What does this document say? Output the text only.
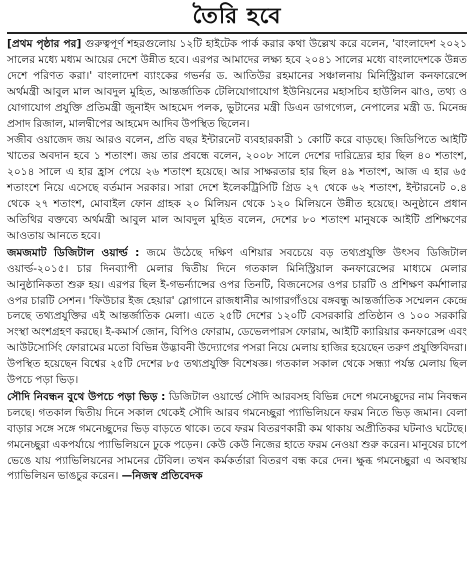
তৈরি হবে

[প্রথম পৃষ্ঠার পর] গুরুত্বপূর্ণ শহরগুলোয় ১২টি হাইটেক পার্ক করার কথা উল্লেখ করে বলেন, 'বাংলাদেশ ২০২১ সালের মধ্যে মধ্যম আয়ের দেশে উন্নীত হবে। এরপর আমাদের লক্ষ্য হবে ২০৪১ সালের মধ্যে বাংলাদেশকে উন্নত দেশে পরিণত করা।' বাংলাদেশ ব্যাংকের গভর্নর ড. আতিউর রহমানের সঞ্চালনায় মিনিস্ট্রিয়াল কনফারেন্সে অর্থমন্ত্রী আবুল মাল আবদুল মুহিত, আন্তর্জাতিক টেলিযোগাযোগ ইউনিয়নের মহাসচিব হাউলিন ঝাও, তথ্য ও যোগাযোগ প্রযুক্তি প্রতিমন্ত্রী জুনাইদ আহমেদ পলক, ভুটানের মন্ত্রী ডিএন ডাগগ্যেল, নেপালের মন্ত্রী ড. মিনেন্দ্র প্রসাদ রিজাল, মালদ্বীপের আহমেদ আদিব উপস্থিত ছিলেন।

সজীব ওয়াজেদ জয় আরও বলেন, প্রতি বছর ইন্টারনেট ব্যবহারকারী ১ কোটি করে বাড়ছে। জিডিপিতে আইটি খাতের অবদান হবে ১ শতাংশ। জয় তার প্রবন্ধে বলেন, ২০০৮ সালে দেশের দারিদ্র্যের হার ছিল ৪০ শতাংশ, ২০১৪ সালে এ হার হ্রাস পেয়ে ২৬ শতাংশ হয়েছে। আর সাক্ষরতার হার ছিল ৪৯ শতাংশ, আজ এ হার ৬৫ শতাংশে নিয়ে এসেছে বর্তমান সরকার। সারা দেশে ইলেকট্রিসিটি গ্রিড ২৭ থেকে ৬২ শতাংশ, ইন্টারনেট ০.৪ থেকে ২৭ শতাংশ, মোবাইল ফোন গ্রাহক ২০ মিলিয়ন থেকে ১২০ মিলিয়নে উন্নীত হয়েছে। অনুষ্ঠানে প্রধান অতিথির বক্তব্যে অর্থমন্ত্রী আবুল মাল আবদুল মুহিত বলেন, দেশের ৮০ শতাংশ মানুষকে আইটি প্রশিক্ষণের আওতায় আনতে হবে।

জমজমাট ডিজিটাল ওয়ার্ল্ড : জমে উঠেছে দক্ষিণ এশিয়ার সবচেয়ে বড় তথ্যপ্রযুক্তি উৎসব ডিজিটাল ওয়ার্ল্ড-২০১৫। চার দিনব্যাপী মেলার দ্বিতীয় দিনে গতকাল মিনিস্ট্রিয়াল কনফারেন্সের মাধ্যমে মেলার আনুষ্ঠানিকতা শুরু হয়। এরপর ছিল ই-গভর্ন্যান্সের ওপর তিনটি, বিজনেসের ওপর চারটি ও প্রশিক্ষণ কর্মশালার ওপর চারটি সেশন। 'ফিউচার ইজ হেয়ার' স্লোগানে রাজধানীর আগারগাঁওয়ে বঙ্গবন্ধু আন্তর্জাতিক সম্মেলন কেন্দ্রে চলছে তথ্যপ্রযুক্তির এই আন্তর্জাতিক মেলা। এতে ২৫টি দেশের ১২০টি বেসরকারি প্রতিষ্ঠান ও ১০০ সরকারি সংস্থা অংশগ্রহণ করছে। ই-কমার্স জোন, বিপিও ফোরাম, ডেভেলপারস ফোরাম, আইটি ক্যারিয়ার কনফারেন্স এবং আউটসোর্সিং ফোরামের মতো বিভিন্ন উদ্ভাবনী উদ্যোগের পসরা নিয়ে মেলায় হাজির হয়েছেন তরুণ প্রযুক্তিবিদরা। উপস্থিত হয়েছেন বিশ্বের ২৫টি দেশের ৮৫ তথ্যপ্রযুক্তি বিশেষজ্ঞ। গতকাল সকাল থেকে সন্ধ্যা পর্যন্ত মেলায় ছিল উপচে পড়া ভিড়।

সৌদি নিবন্ধন বুথে উপচে পড়া ভিড় : ডিজিটাল ওয়ার্ল্ডে সৌদি আরবসহ বিভিন্ন দেশে গমনেচ্ছুদের নাম নিবন্ধন চলছে। গতকাল দ্বিতীয় দিনে সকাল থেকেই সৌদি আরব গমনেচ্ছুরা প্যাভিলিয়নে ফরম নিতে ভিড় জমান। বেলা বাড়ার সঙ্গে সঙ্গে গমনেচ্ছুদের ভিড় বাড়তে থাকে। তবে ফরম বিতরণকারী কম থাকায় অপ্রীতিকর ঘটনাও ঘটেছে। গমনেচ্ছুরা একপর্যায়ে প্যাভিলিয়নে ঢুকে পড়েন। কেউ কেউ নিজের হাতে ফরম নেওয়া শুরু করেন। মানুষের চাপে ভেঙে যায় প্যাভিলিয়নের সামনের টেবিল। তখন কর্মকর্তারা বিতরণ বন্ধ করে দেন। ক্ষুব্ধ গমনেচ্ছুরা এ অবস্থায় প্যাভিলিয়ন ভাঙচুর করেন। —নিজস্ব প্রতিবেদক
